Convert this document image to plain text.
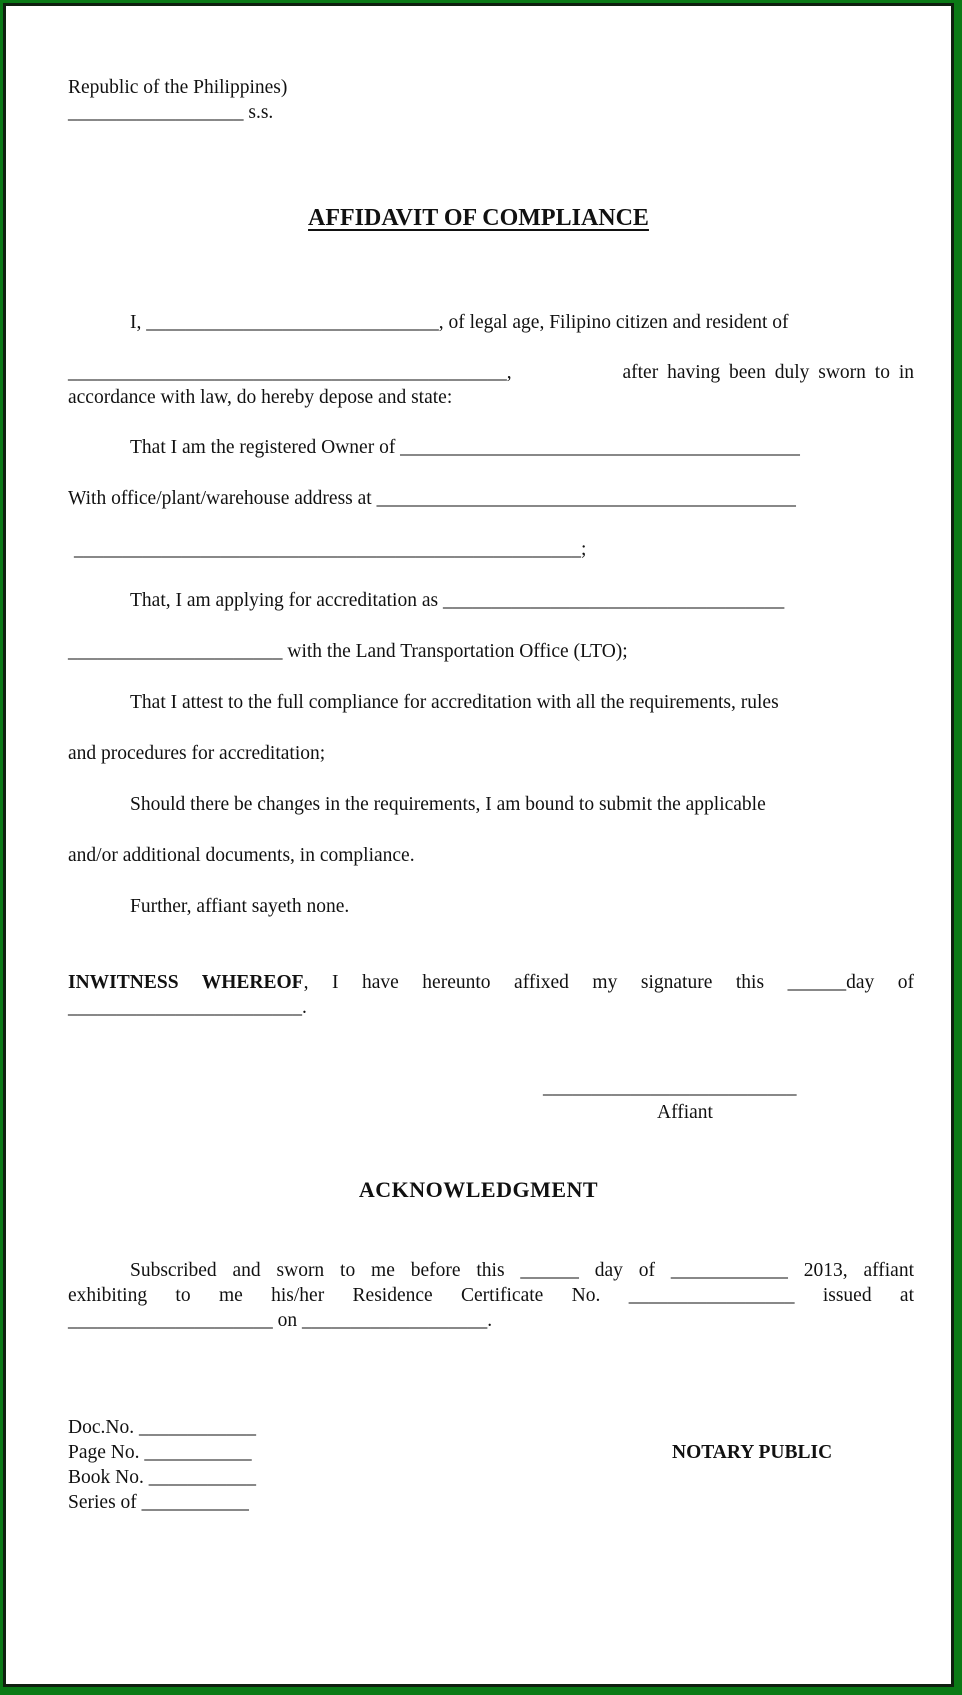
Republic of the Philippines)
__________________ s.s.
AFFIDAVIT OF COMPLIANCE
I, ______________________________, of legal age, Filipino citizen and resident of
_____________________________________________,	after having been duly sworn to in
accordance with law, do hereby depose and state:
That I am the registered Owner of _________________________________________
With office/plant/warehouse address at ___________________________________________
____________________________________________________;
That, I am applying for accreditation as ___________________________________
______________________ with the Land Transportation Office (LTO);
That I attest to the full compliance for accreditation with all the requirements, rules
and procedures for accreditation;
Should there be changes in the requirements, I am bound to submit the applicable
and/or additional documents, in compliance.
Further, affiant sayeth none.
INWITNESS WHEREOF, I have hereunto affixed my signature this ______day of
________________________.
__________________________
Affiant
ACKNOWLEDGMENT
Subscribed and sworn to me before this ______ day of ____________ 2013, affiant
exhibiting to me his/her Residence Certificate No. _________________ issued at
_____________________ on ___________________.
Doc.No. ____________
Page No. ___________
Book No. ___________
Series of ___________
NOTARY PUBLIC
